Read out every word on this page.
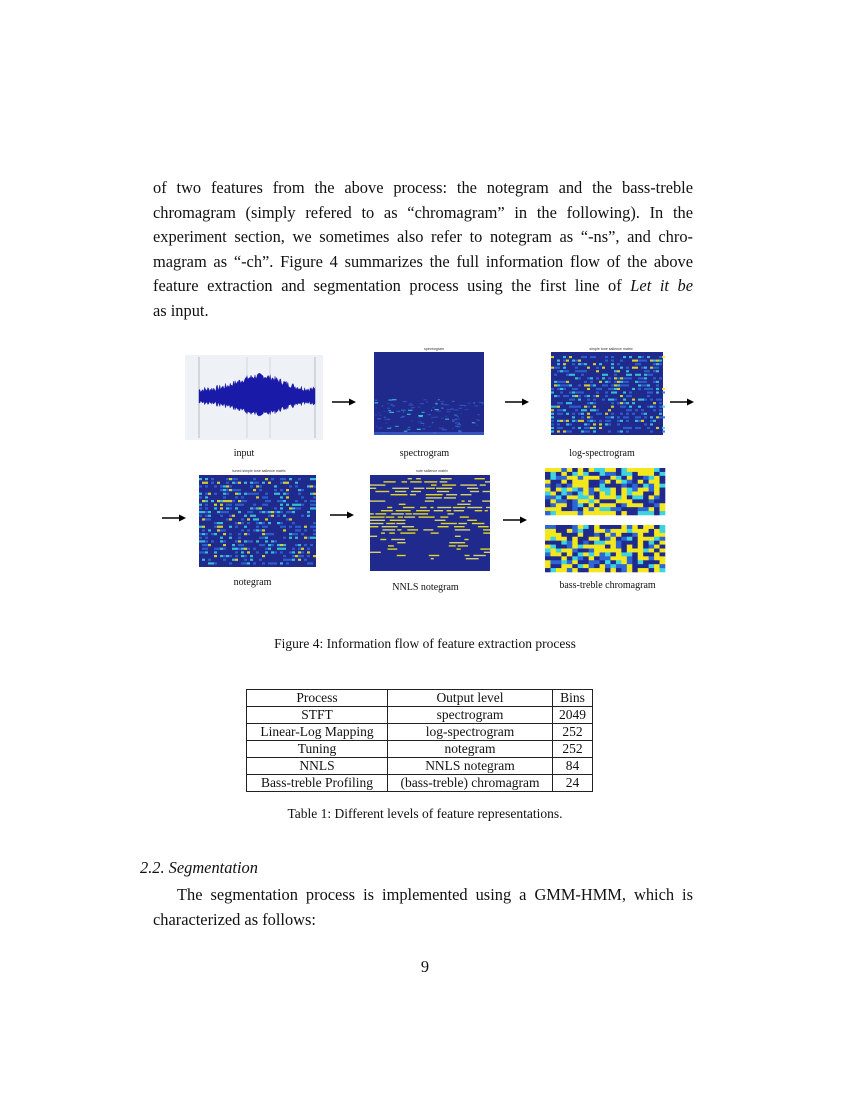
of two features from the above process: the notegram and the bass-treble
chromagram (simply refered to as “chromagram” in the following). In the
experiment section, we sometimes also refer to notegram as “-ns”, and chro-
magram as “-ch”. Figure 4 summarizes the full information flow of the above
feature extraction and segmentation process using the first line of Let it be
as input.
input
spectrogram
spectrogram
simple tone salience matrix
log-spectrogram
tuned simple tone salience matrix
notegram
note salience matrix
NNLS notegram	bass-treble chromagram
Figure 4: Information flow of feature extraction process
Process	Output level	Bins
STFT	spectrogram	2049
Linear-Log Mapping	log-spectrogram	252
Tuning	notegram	252
NNLS	NNLS notegram	84
Bass-treble Profiling	(bass-treble) chromagram	24
Table 1: Different levels of feature representations.
2.2. Segmentation
The segmentation process is implemented using a GMM-HMM, which is
characterized as follows:
9
